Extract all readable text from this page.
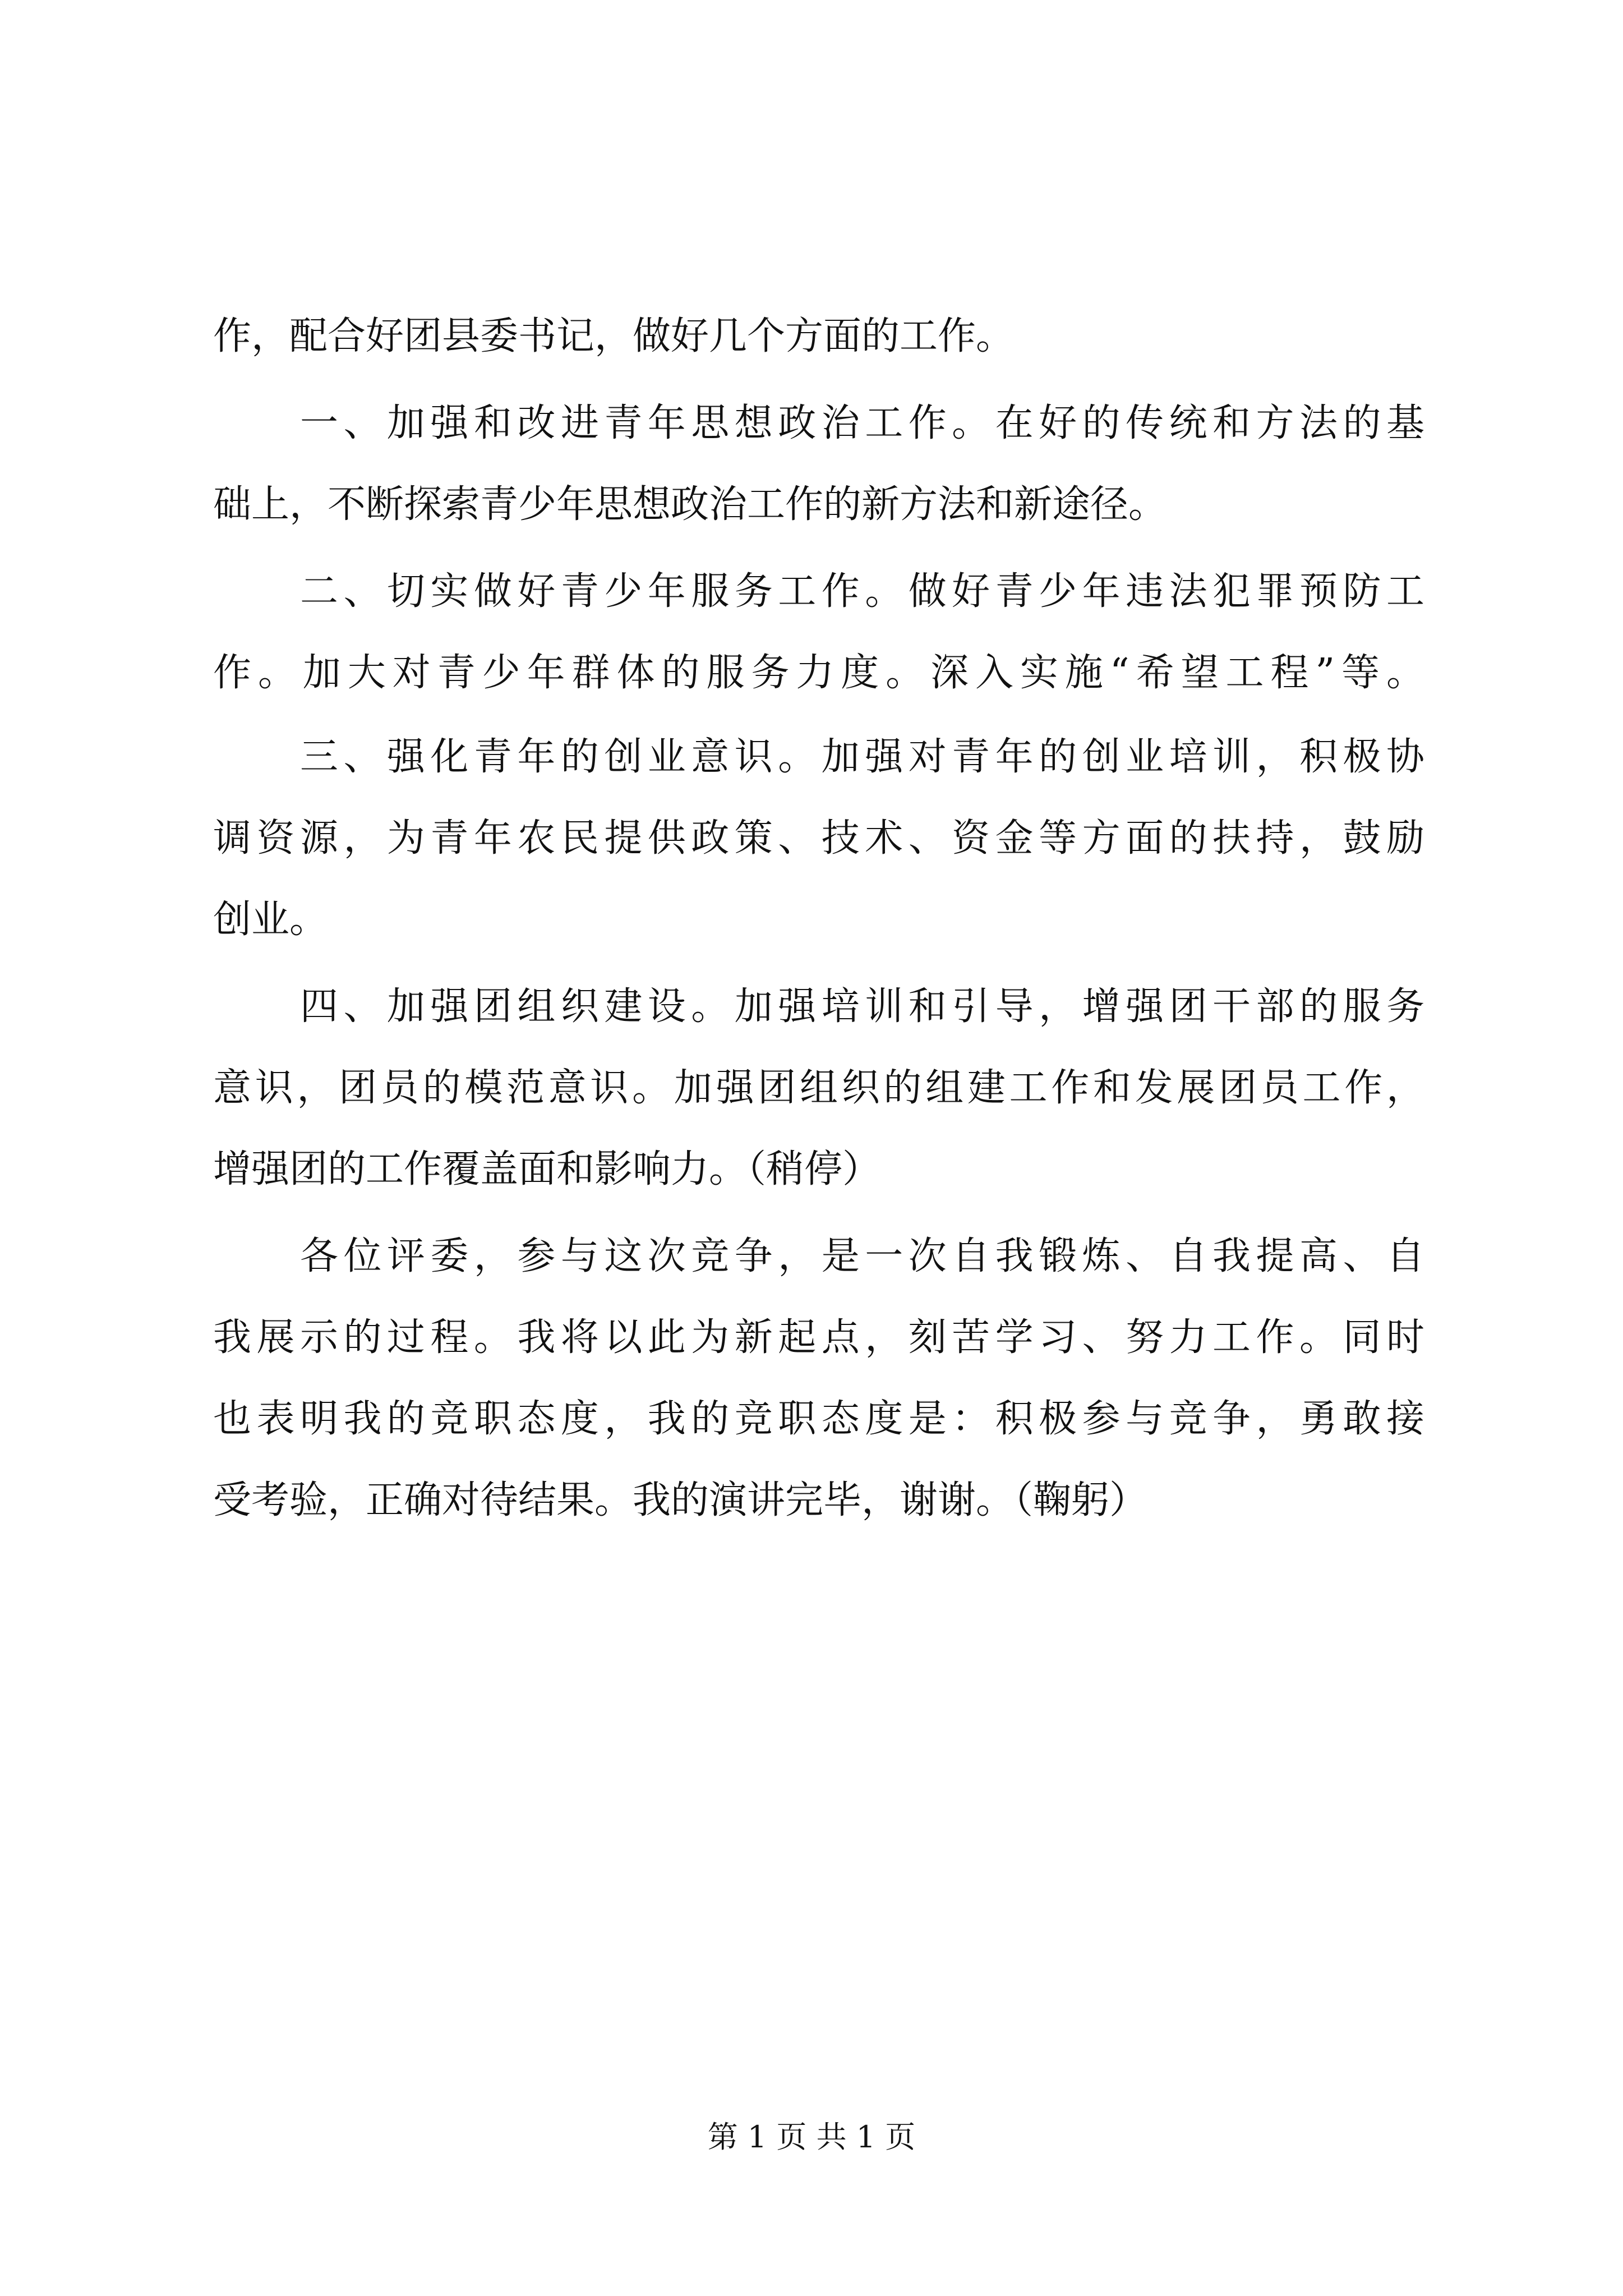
作，配合好团县委书记，做好几个方面的工作。
　　一、加强和改进青年思想政治工作。在好的传统和方法的基
础上，不断探索青少年思想政治工作的新方法和新途径。
　　二、切实做好青少年服务工作。做好青少年违法犯罪预防工
作。加大对青少年群体的服务力度。深入实施“希望工程”等。
　　三、强化青年的创业意识。加强对青年的创业培训，积极协
调资源，为青年农民提供政策、技术、资金等方面的扶持，鼓励
创业。
　　四、加强团组织建设。加强培训和引导，增强团干部的服务
意识，团员的模范意识。加强团组织的组建工作和发展团员工作，
增强团的工作覆盖面和影响力。（稍停）
　　各位评委，参与这次竞争，是一次自我锻炼、自我提高、自
我展示的过程。我将以此为新起点，刻苦学习、努力工作。同时
也表明我的竞职态度，我的竞职态度是：积极参与竞争，勇敢接
受考验，正确对待结果。我的演讲完毕，谢谢。（鞠躬）
第 1 页 共 1 页
